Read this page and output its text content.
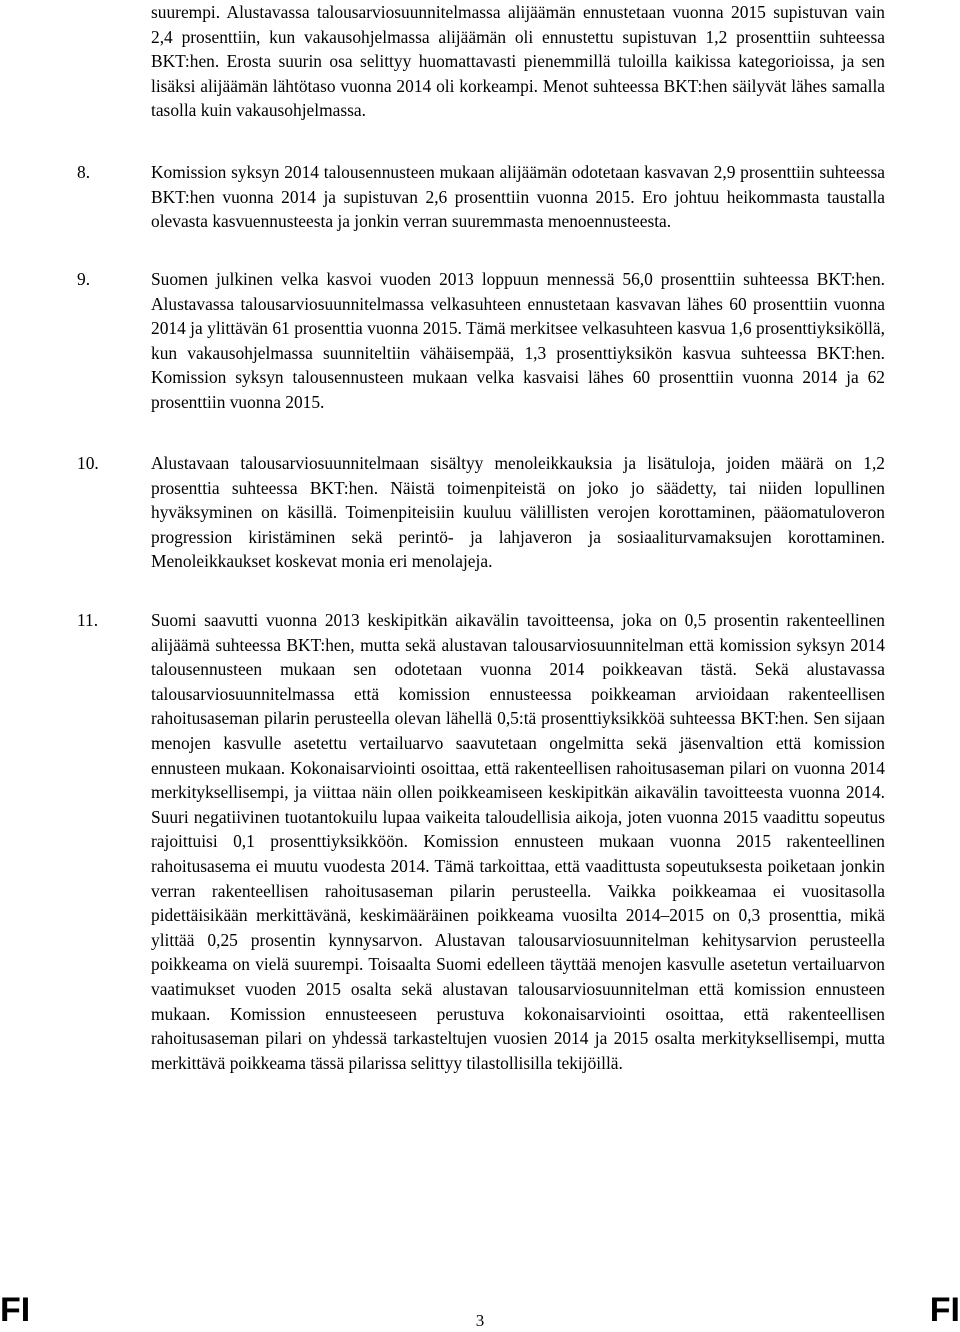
suurempi. Alustavassa talousarviosuunnitelmassa alijäämän ennustetaan vuonna 2015 supistuvan vain 2,4 prosenttiin, kun vakausohjelmassa alijäämän oli ennustettu supistuvan 1,2 prosenttiin suhteessa BKT:hen. Erosta suurin osa selittyy huomattavasti pienemmillä tuloilla kaikissa kategorioissa, ja sen lisäksi alijäämän lähtötaso vuonna 2014 oli korkeampi. Menot suhteessa BKT:hen säilyvät lähes samalla tasolla kuin vakausohjelmassa.

8.	Komission syksyn 2014 talousennusteen mukaan alijäämän odotetaan kasvavan 2,9 prosenttiin suhteessa BKT:hen vuonna 2014 ja supistuvan 2,6 prosenttiin vuonna 2015. Ero johtuu heikommasta taustalla olevasta kasvuennusteesta ja jonkin verran suuremmasta menoennusteesta.

9.	Suomen julkinen velka kasvoi vuoden 2013 loppuun mennessä 56,0 prosenttiin suhteessa BKT:hen. Alustavassa talousarviosuunnitelmassa velkasuhteen ennustetaan kasvavan lähes 60 prosenttiin vuonna 2014 ja ylittävän 61 prosenttia vuonna 2015. Tämä merkitsee velkasuhteen kasvua 1,6 prosenttiyksiköllä, kun vakausohjelmassa suunniteltiin vähäisempää, 1,3 prosenttiyksikön kasvua suhteessa BKT:hen. Komission syksyn talousennusteen mukaan velka kasvaisi lähes 60 prosenttiin vuonna 2014 ja 62 prosenttiin vuonna 2015.

10.	Alustavaan talousarviosuunnitelmaan sisältyy menoleikkauksia ja lisätuloja, joiden määrä on 1,2 prosenttia suhteessa BKT:hen. Näistä toimenpiteistä on joko jo säädetty, tai niiden lopullinen hyväksyminen on käsillä. Toimenpiteisiin kuuluu välillisten verojen korottaminen, pääomatuloveron progression kiristäminen sekä perintö- ja lahjaveron ja sosiaaliturvamaksujen korottaminen. Menoleikkaukset koskevat monia eri menolajeja.

11.	Suomi saavutti vuonna 2013 keskipitkän aikavälin tavoitteensa, joka on 0,5 prosentin rakenteellinen alijäämä suhteessa BKT:hen, mutta sekä alustavan talousarviosuunnitelman että komission syksyn 2014 talousennusteen mukaan sen odotetaan vuonna 2014 poikkeavan tästä. Sekä alustavassa talousarviosuunnitelmassa että komission ennusteessa poikkeaman arvioidaan rakenteellisen rahoitusaseman pilarin perusteella olevan lähellä 0,5:tä prosenttiyksikköä suhteessa BKT:hen. Sen sijaan menojen kasvulle asetettu vertailuarvo saavutetaan ongelmitta sekä jäsenvaltion että komission ennusteen mukaan. Kokonaisarviointi osoittaa, että rakenteellisen rahoitusaseman pilari on vuonna 2014 merkityksellisempi, ja viittaa näin ollen poikkeamiseen keskipitkän aikavälin tavoitteesta vuonna 2014. Suuri negatiivinen tuotantokuilu lupaa vaikeita taloudellisia aikoja, joten vuonna 2015 vaadittu sopeutus rajoittuisi 0,1 prosenttiyksikköön. Komission ennusteen mukaan vuonna 2015 rakenteellinen rahoitusasema ei muutu vuodesta 2014. Tämä tarkoittaa, että vaadittusta sopeutuksesta poiketaan jonkin verran rakenteellisen rahoitusaseman pilarin perusteella. Vaikka poikkeamaa ei vuositasolla pidettäisikään merkittävänä, keskimääräinen poikkeama vuosilta 2014–2015 on 0,3 prosenttia, mikä ylittää 0,25 prosentin kynnysarvon. Alustavan talousarviosuunnitelman kehitysarvion perusteella poikkeama on vielä suurempi. Toisaalta Suomi edelleen täyttää menojen kasvulle asetetun vertailuarvon vaatimukset vuoden 2015 osalta sekä alustavan talousarviosuunnitelman että komission ennusteen mukaan. Komission ennusteeseen perustuva kokonaisarviointi osoittaa, että rakenteellisen rahoitusaseman pilari on yhdessä tarkasteltujen vuosien 2014 ja 2015 osalta merkityksellisempi, mutta merkittävä poikkeama tässä pilarissa selittyy tilastollisilla tekijöillä.

FI	3	FI
